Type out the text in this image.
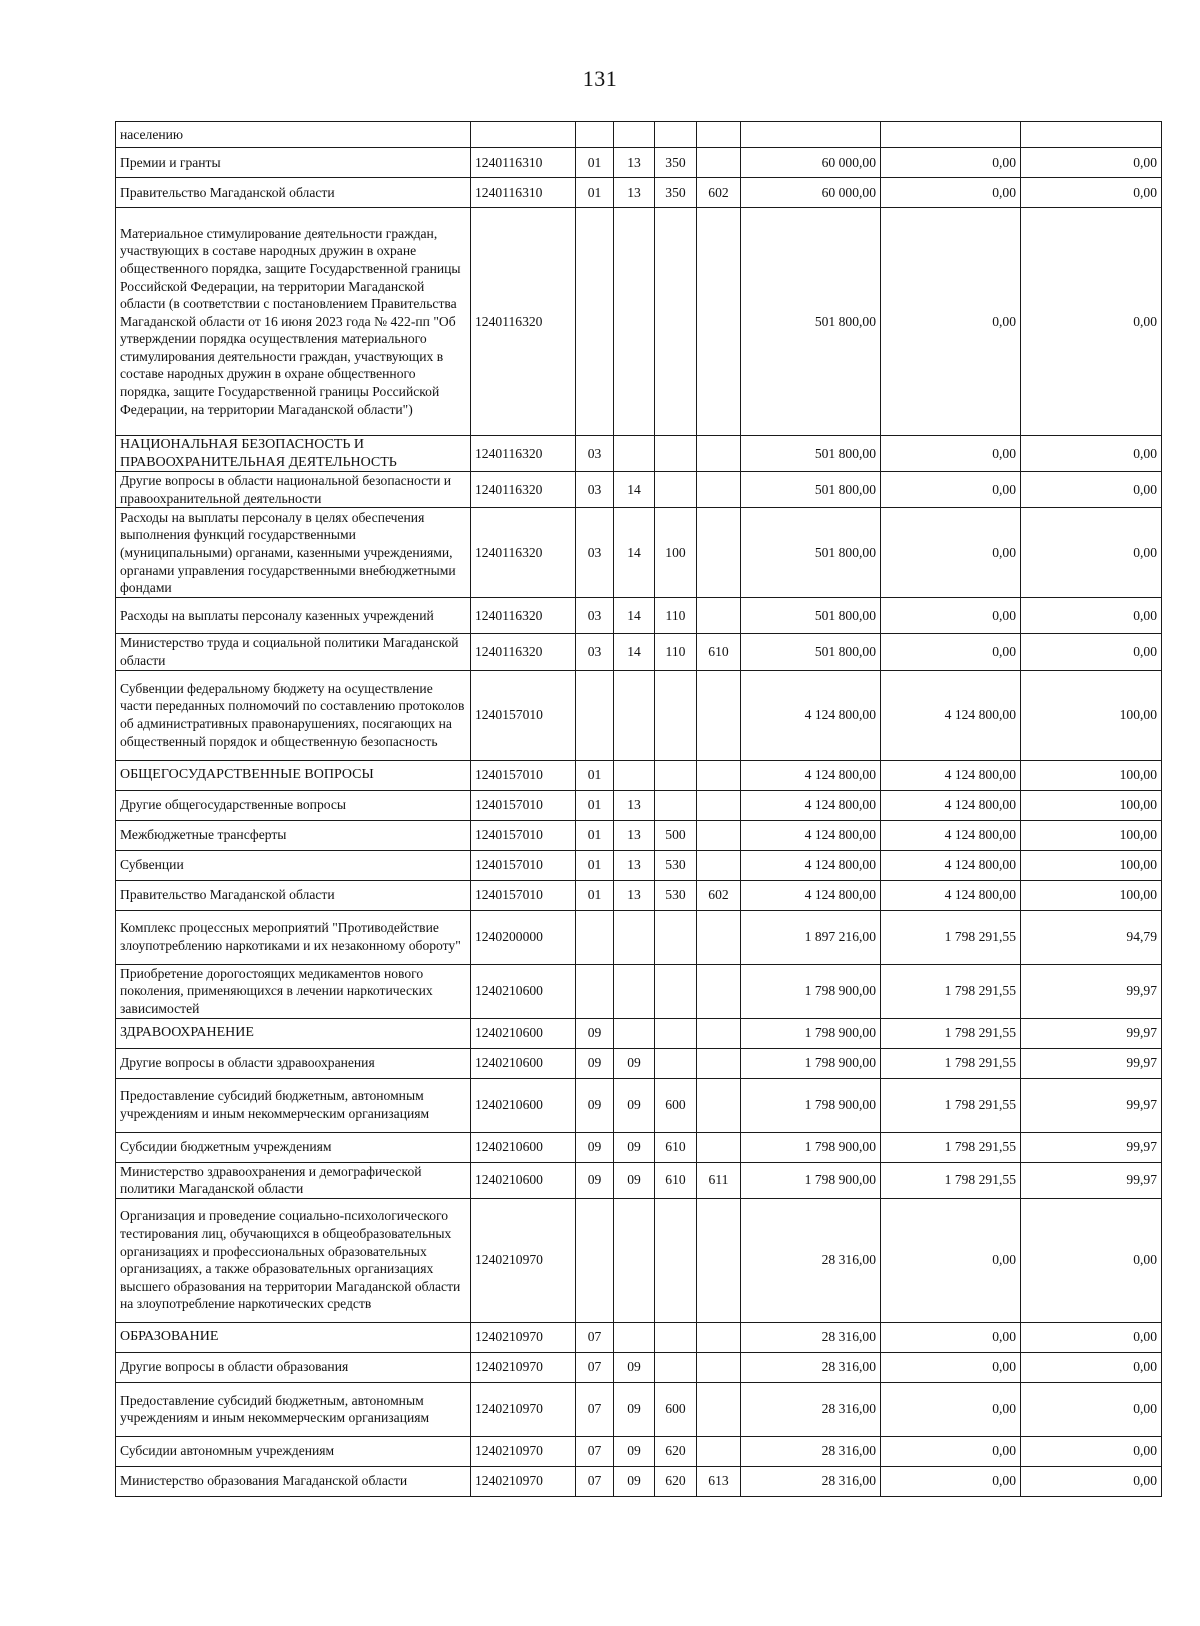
131
населению								
Премии и гранты	1240116310	01	13	350		60 000,00	0,00	0,00
Правительство Магаданской области	1240116310	01	13	350	602	60 000,00	0,00	0,00
Материальное стимулирование деятельности граждан, участвующих в составе народных дружин в охране общественного порядка, защите Государственной границы Российской Федерации, на территории Магаданской области (в соответствии с постановлением Правительства Магаданской области от 16 июня 2023 года № 422-пп "Об утверждении порядка осуществления материального стимулирования деятельности граждан, участвующих в составе народных дружин в охране общественного порядка, защите Государственной границы Российской Федерации, на территории Магаданской области")	1240116320					501 800,00	0,00	0,00
НАЦИОНАЛЬНАЯ БЕЗОПАСНОСТЬ И ПРАВООХРАНИТЕЛЬНАЯ ДЕЯТЕЛЬНОСТЬ	1240116320	03				501 800,00	0,00	0,00
Другие вопросы в области национальной безопасности и правоохранительной деятельности	1240116320	03	14			501 800,00	0,00	0,00
Расходы на выплаты персоналу в целях обеспечения выполнения функций государственными (муниципальными) органами, казенными учреждениями, органами управления государственными внебюджетными фондами	1240116320	03	14	100		501 800,00	0,00	0,00
Расходы на выплаты персоналу казенных учреждений	1240116320	03	14	110		501 800,00	0,00	0,00
Министерство труда и социальной политики Магаданской области	1240116320	03	14	110	610	501 800,00	0,00	0,00
Субвенции федеральному бюджету на осуществление части переданных полномочий по составлению протоколов об административных правонарушениях, посягающих на общественный порядок и общественную безопасность	1240157010					4 124 800,00	4 124 800,00	100,00
ОБЩЕГОСУДАРСТВЕННЫЕ ВОПРОСЫ	1240157010	01				4 124 800,00	4 124 800,00	100,00
Другие общегосударственные вопросы	1240157010	01	13			4 124 800,00	4 124 800,00	100,00
Межбюджетные трансферты	1240157010	01	13	500		4 124 800,00	4 124 800,00	100,00
Субвенции	1240157010	01	13	530		4 124 800,00	4 124 800,00	100,00
Правительство Магаданской области	1240157010	01	13	530	602	4 124 800,00	4 124 800,00	100,00
Комплекс процессных мероприятий "Противодействие злоупотреблению наркотиками и их незаконному обороту"	1240200000					1 897 216,00	1 798 291,55	94,79
Приобретение дорогостоящих медикаментов нового поколения, применяющихся в лечении наркотических зависимостей	1240210600					1 798 900,00	1 798 291,55	99,97
ЗДРАВООХРАНЕНИЕ	1240210600	09				1 798 900,00	1 798 291,55	99,97
Другие вопросы в области здравоохранения	1240210600	09	09			1 798 900,00	1 798 291,55	99,97
Предоставление субсидий бюджетным, автономным учреждениям и иным некоммерческим организациям	1240210600	09	09	600		1 798 900,00	1 798 291,55	99,97
Субсидии бюджетным учреждениям	1240210600	09	09	610		1 798 900,00	1 798 291,55	99,97
Министерство здравоохранения и демографической политики Магаданской области	1240210600	09	09	610	611	1 798 900,00	1 798 291,55	99,97
Организация и проведение социально-психологического тестирования лиц, обучающихся в общеобразовательных организациях и профессиональных образовательных организациях, а также образовательных организациях высшего образования на территории Магаданской области на злоупотребление наркотических средств	1240210970					28 316,00	0,00	0,00
ОБРАЗОВАНИЕ	1240210970	07				28 316,00	0,00	0,00
Другие вопросы в области образования	1240210970	07	09			28 316,00	0,00	0,00
Предоставление субсидий бюджетным, автономным учреждениям и иным некоммерческим организациям	1240210970	07	09	600		28 316,00	0,00	0,00
Субсидии автономным учреждениям	1240210970	07	09	620		28 316,00	0,00	0,00
Министерство образования Магаданской области	1240210970	07	09	620	613	28 316,00	0,00	0,00
